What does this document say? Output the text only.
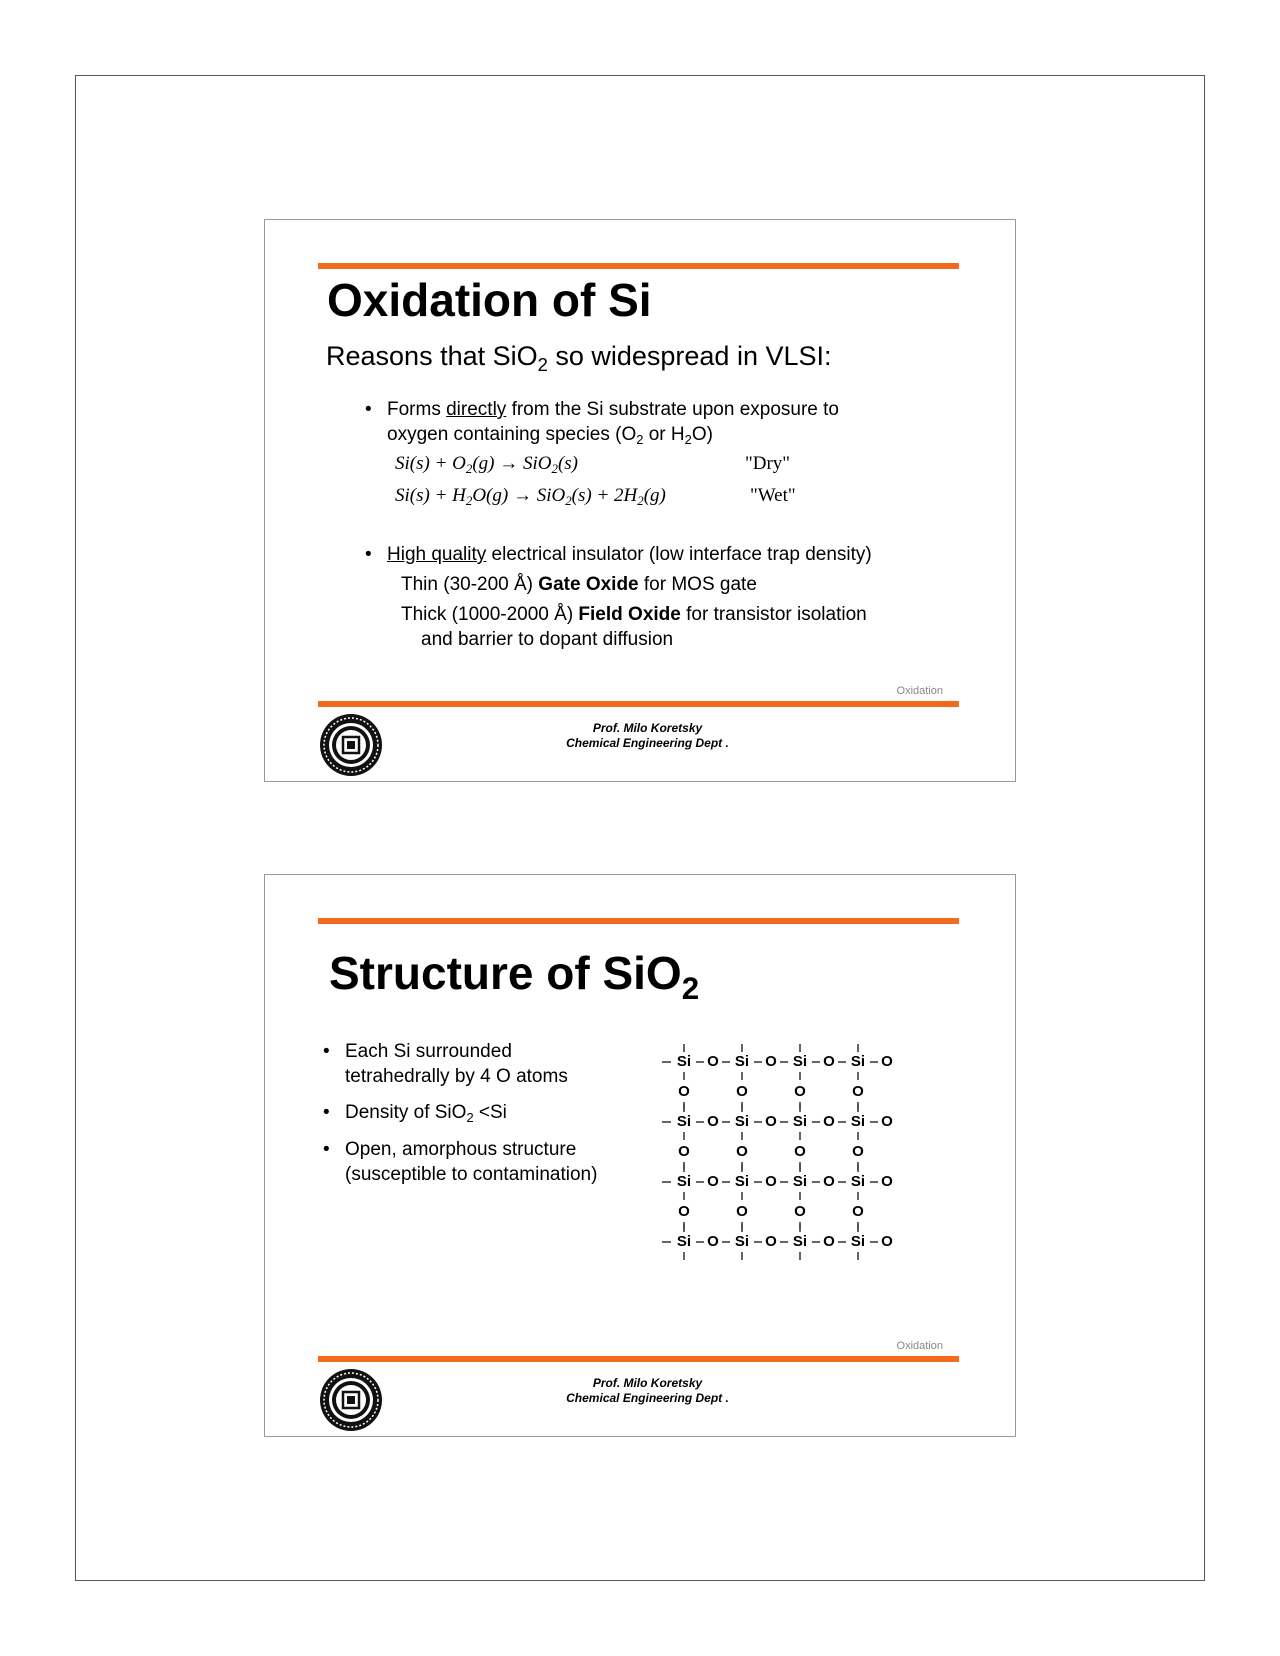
Oxidation of Si
Reasons that SiO$_2$ so widespread in VLSI:
• Forms directly from the Si substrate upon exposure to
oxygen containing species ($O_2$ or $H_2O$)
$Si(s) + O_2(g) \to SiO_2(s)$	"Dry"
$Si(s) + H_2O(g) \to SiO_2(s) + 2H_2(g)$	"Wet"
• High quality electrical insulator (low interface trap density)
Thin (30-200 Å) Gate Oxide for MOS gate
Thick (1000-2000 Å) Field Oxide for transistor isolation
and barrier to dopant diffusion
Oxidation
Prof. Milo Koretsky
Chemical Engineering Dept .
Structure of SiO$_2$
• Each Si surrounded
tetrahedrally by 4 O atoms
• Density of SiO$_2$ <Si
• Open, amorphous structure
(susceptible to contamination)
Si O
O
Si O
O
Si O
O
Si O
O
Si O
O
Si O
O
Si O
O
Si O
O
Si O
O
Si O
O
Si O
O
Si O
O
Si O Si O Si O Si O
Oxidation
Prof. Milo Koretsky
Chemical Engineering Dept .
